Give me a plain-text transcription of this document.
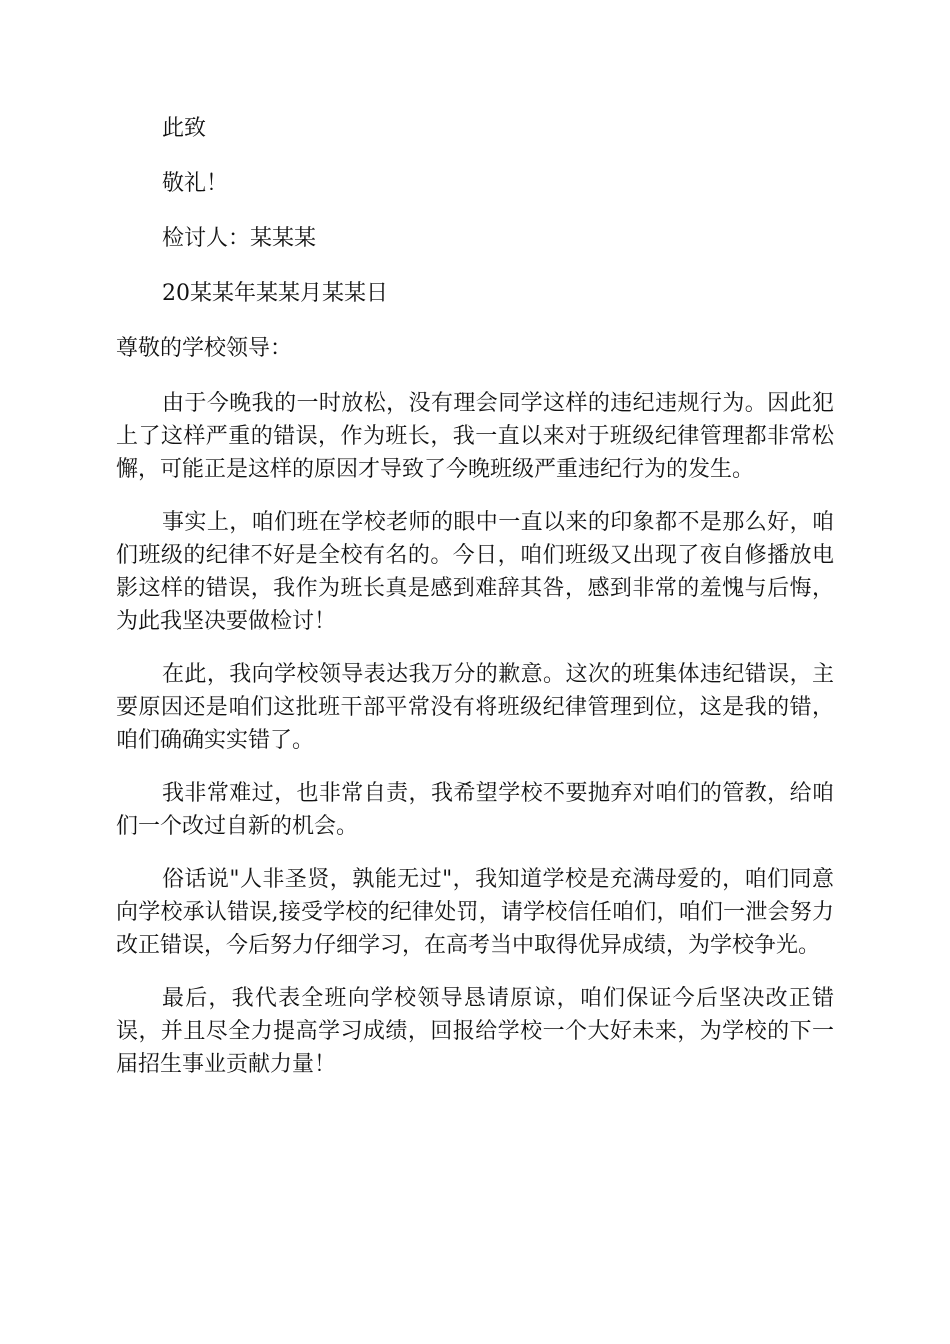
此致

敬礼！

检讨人：某某某

20某某年某某月某某日

尊敬的学校领导：

由于今晚我的一时放松，没有理会同学这样的违纪违规行为。因此犯上了这样严重的错误，作为班长，我一直以来对于班级纪律管理都非常松懈，可能正是这样的原因才导致了今晚班级严重违纪行为的发生。

事实上，咱们班在学校老师的眼中一直以来的印象都不是那么好，咱们班级的纪律不好是全校有名的。今日，咱们班级又出现了夜自修播放电影这样的错误，我作为班长真是感到难辞其咎，感到非常的羞愧与后悔，为此我坚决要做检讨！

在此，我向学校领导表达我万分的歉意。这次的班集体违纪错误，主要原因还是咱们这批班干部平常没有将班级纪律管理到位，这是我的错，咱们确确实实错了。

我非常难过，也非常自责，我希望学校不要抛弃对咱们的管教，给咱们一个改过自新的机会。

俗话说"人非圣贤，孰能无过"，我知道学校是充满母爱的，咱们同意向学校承认错误,接受学校的纪律处罚，请学校信任咱们，咱们一泄会努力改正错误，今后努力仔细学习，在高考当中取得优异成绩，为学校争光。

最后，我代表全班向学校领导恳请原谅，咱们保证今后坚决改正错误，并且尽全力提高学习成绩，回报给学校一个大好未来，为学校的下一届招生事业贡献力量！
